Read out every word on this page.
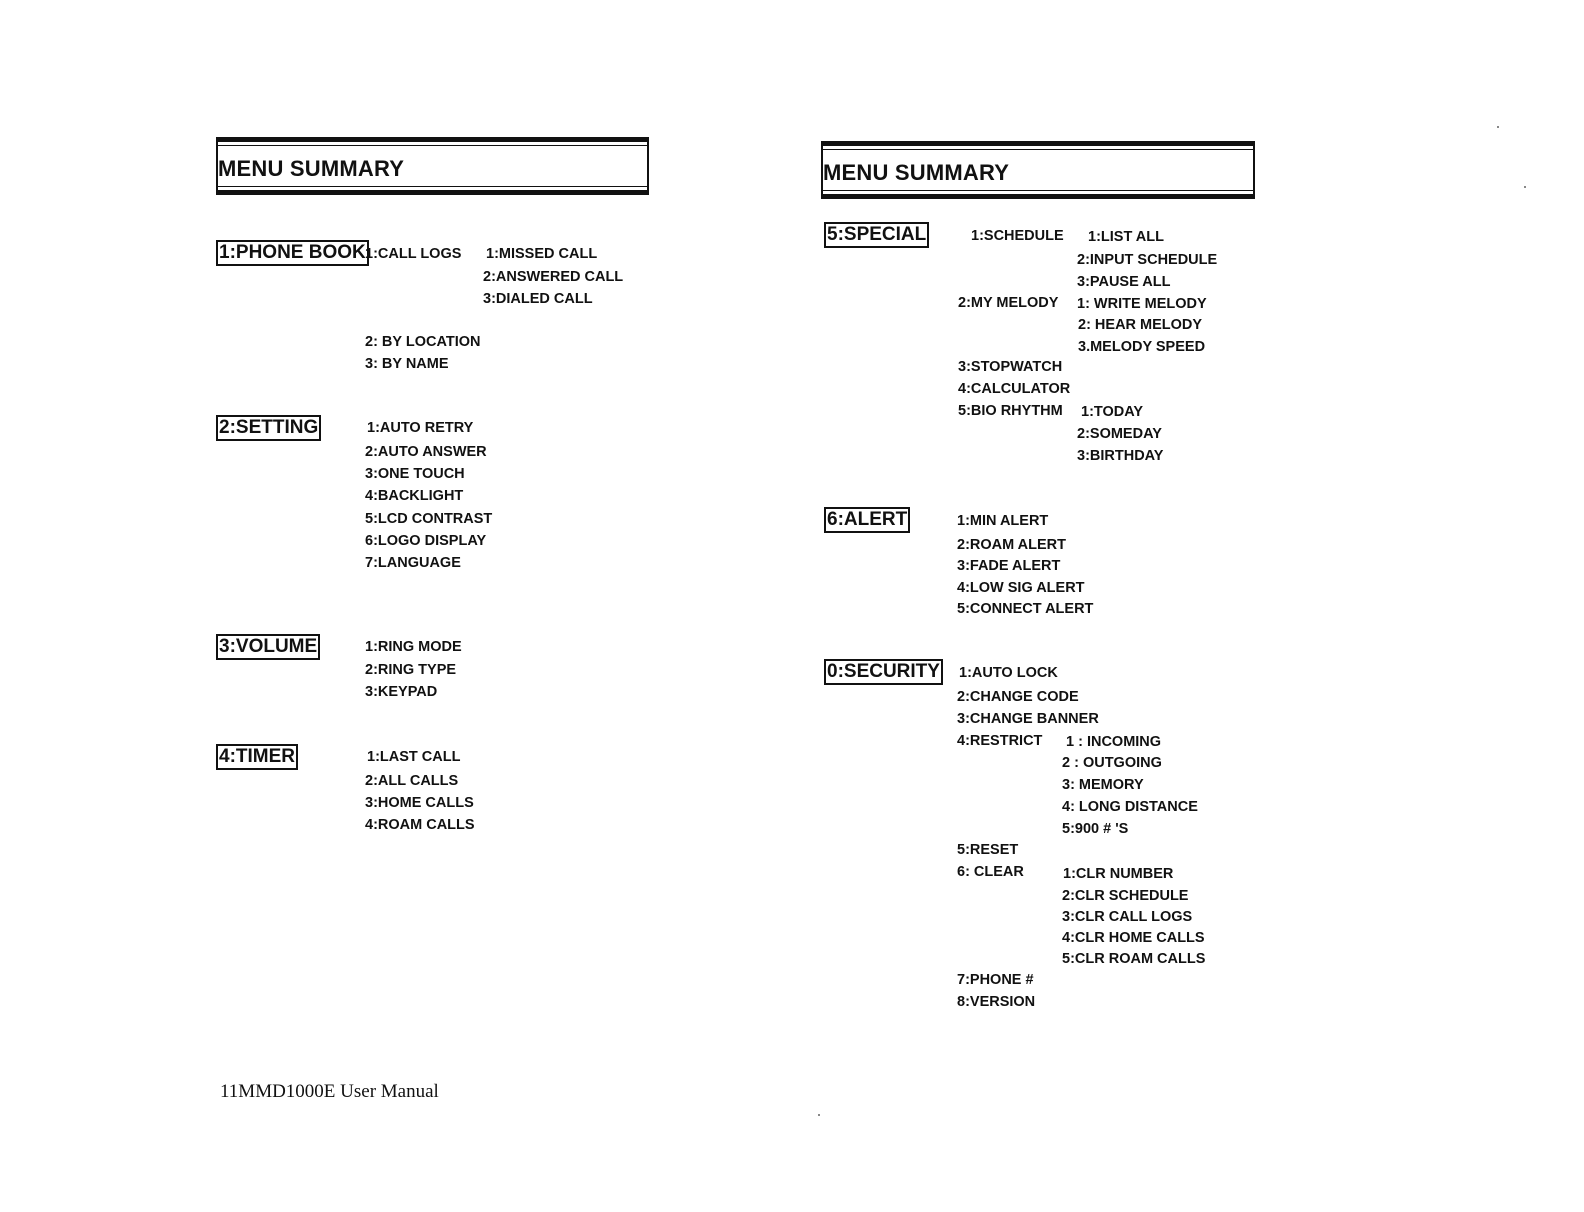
MENU SUMMARY
1:PHONE BOOK 1:CALL LOGS 1:MISSED CALL
2:ANSWERED CALL
3:DIALED CALL
2: BY LOCATION
3: BY NAME
2:SETTING	1:AUTO RETRY
2:AUTO ANSWER
3:ONE TOUCH
4:BACKLIGHT
5:LCD CONTRAST
6:LOGO DISPLAY
7:LANGUAGE
3:VOLUME	1:RING MODE
2:RING TYPE
3:KEYPAD
4:TIMER	1:LAST CALL
2:ALL CALLS
3:HOME CALLS
4:ROAM CALLS
MENU SUMMARY
5:SPECIAL	1:SCHEDULE 1:LIST ALL
2:INPUT SCHEDULE
3:PAUSE ALL
2:MY MELODY 1: WRITE MELODY
2: HEAR MELODY
3.MELODY SPEED
3:STOPWATCH
4:CALCULATOR
5:BIO RHYTHM 1:TODAY
2:SOMEDAY
3:BIRTHDAY
6:ALERT	1:MIN ALERT
2:ROAM ALERT
3:FADE ALERT
4:LOW SIG ALERT
5:CONNECT ALERT
0:SECURITY 1:AUTO LOCK
2:CHANGE CODE
3:CHANGE BANNER
4:RESTRICT 1 : INCOMING
2 : OUTGOING
3: MEMORY
4: LONG DISTANCE
5:900 # 'S
5:RESET
6: CLEAR	1:CLR NUMBER
2:CLR SCHEDULE
3:CLR CALL LOGS
4:CLR HOME CALLS
5:CLR ROAM CALLS
7:PHONE #
8:VERSION
11MMD1000E User Manual
